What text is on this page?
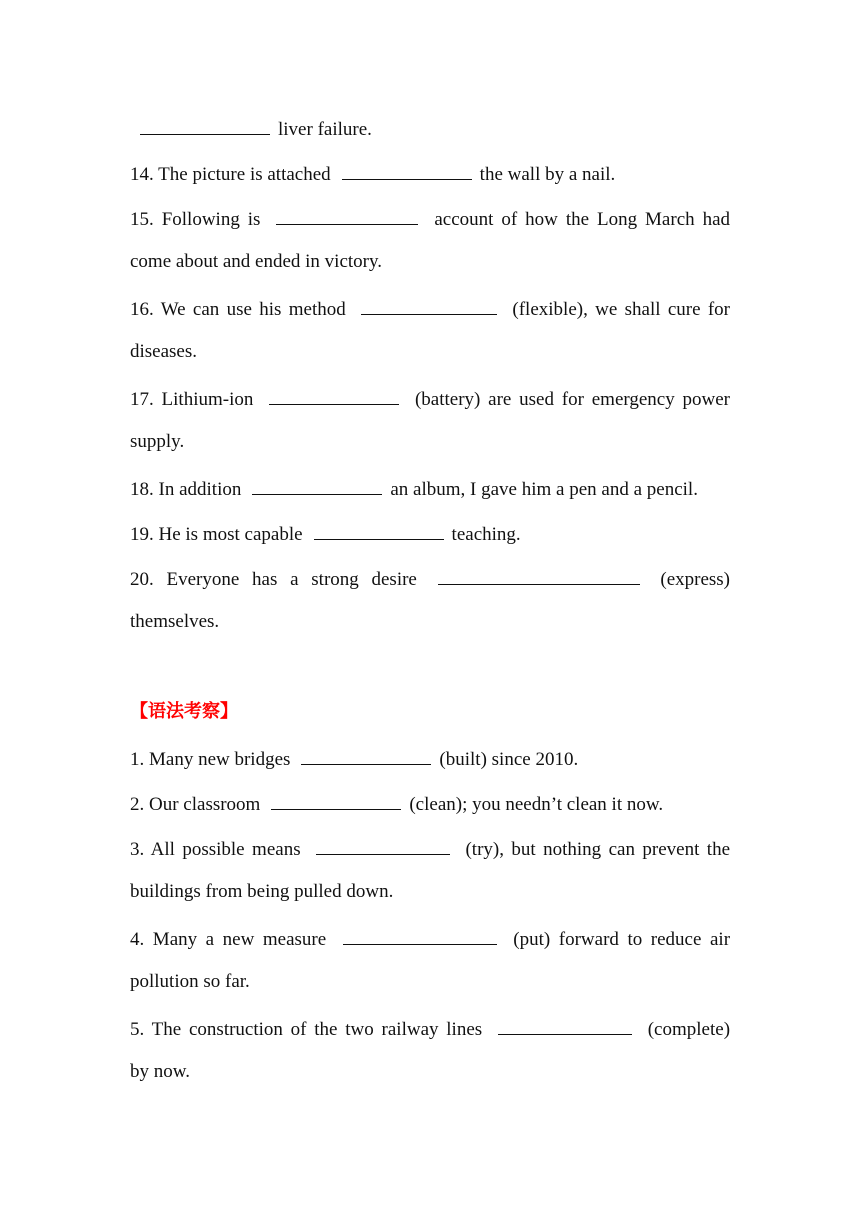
liver failure.
14. The picture is attached	the wall by a nail.
15. Following is	account of how the Long March had
come about and ended in victory.
16. We can use his method	(flexible), we shall cure for
diseases.
17. Lithium-ion	(battery) are used for emergency power
supply.
18. In addition	an album, I gave him a pen and a pencil.
19. He is most capable	teaching.
20. Everyone has a strong desire	(express)
themselves.
【语法考察】
1. Many new bridges	(built) since 2010.
2. Our classroom	(clean); you needn’t clean it now.
3. All possible means	(try), but nothing can prevent the
buildings from being pulled down.
4. Many a new measure	(put) forward to reduce air
pollution so far.
5. The construction of the two railway lines	(complete)
by now.
